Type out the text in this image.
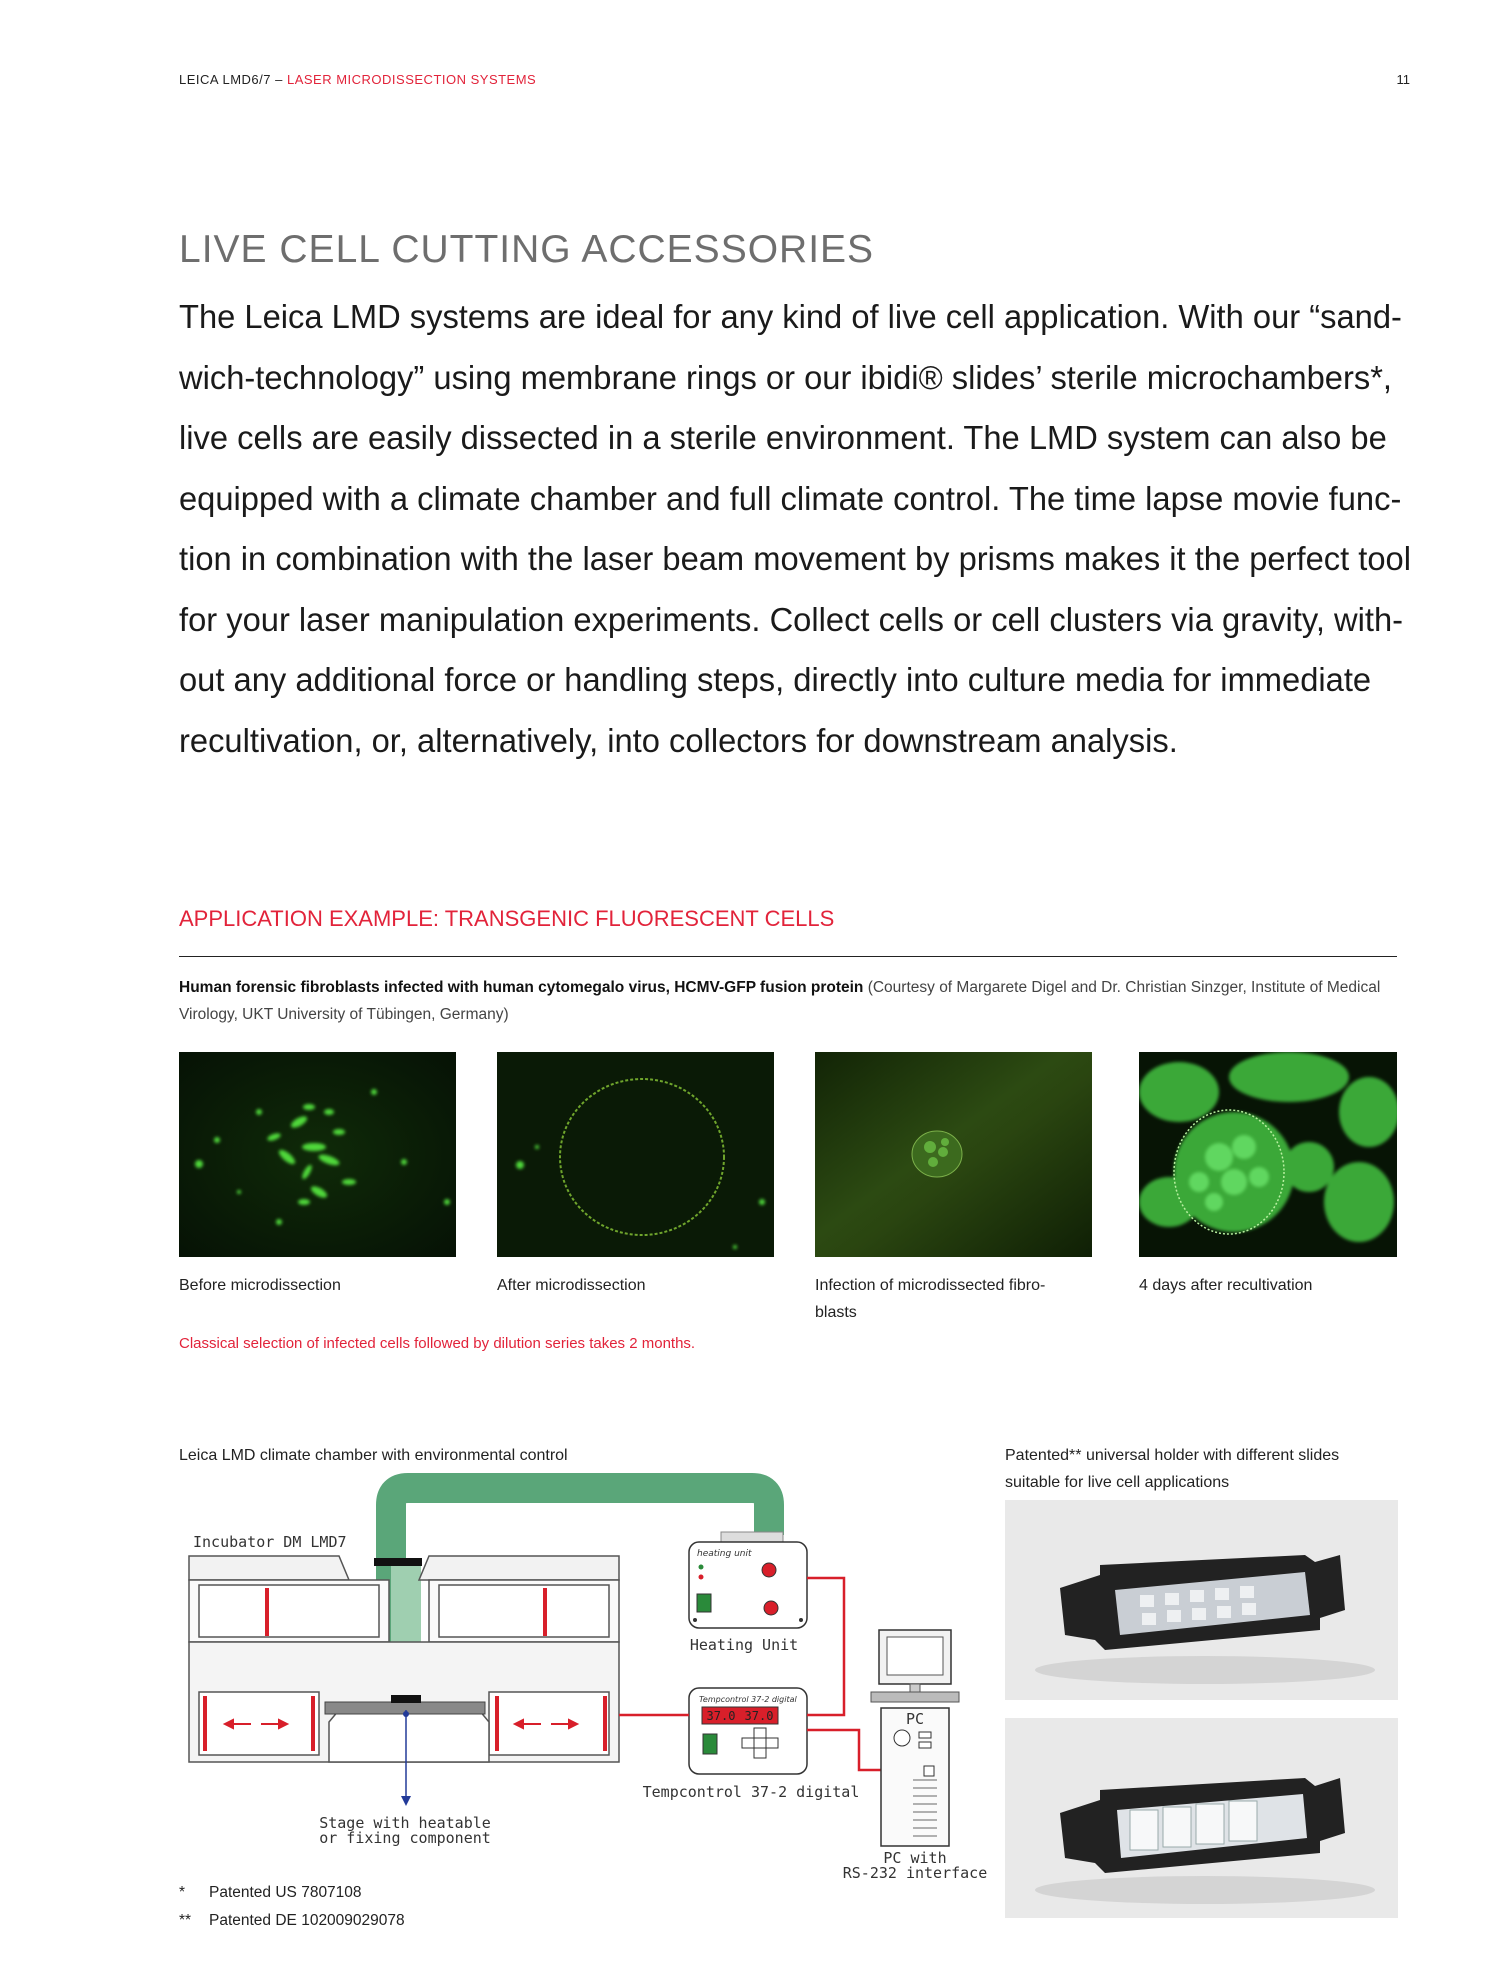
LEICA LMD6/7 – LASER MICRODISSECTION SYSTEMS	11
LIVE CELL CUTTING ACCESSORIES

The Leica LMD systems are ideal for any kind of live cell application. With our “sand-

wich-technology” using membrane rings or our ibidi® slides’ sterile microchambers*,

live cells are easily dissected in a sterile environment. The LMD system can also be

equipped with a climate chamber and full climate control. The time lapse movie func-

tion in combination with the laser beam movement by prisms makes it the perfect tool

for your laser manipulation experiments. Collect cells or cell clusters via gravity, with-

out any additional force or handling steps, directly into culture media for immediate

recultivation, or, alternatively, into collectors for downstream analysis.

APPLICATION EXAMPLE: TRANSGENIC FLUORESCENT CELLS
Human forensic fibroblasts infected with human cytomegalo virus, HCMV-GFP fusion protein (Courtesy of Margarete Digel and Dr. Christian Sinzger, Institute of Medical Virology, UKT University of Tübingen, Germany)
Before microdissection	After microdissection	Infection of microdissected fibro-blasts
4 days after recultivation
Classical selection of infected cells followed by dilution series takes 2 months.
Leica LMD climate chamber with environmental control
Incubator DM LMD7
Stage with heatable
or fixing component
heating unit
Heating Unit
Tempcontrol 37-2 digital
37.0 37.0
Tempcontrol 37-2 digital
PC
PC with
RS-232 interface
Patented** universal holder with different slides
suitable for live cell applications
* Patented US 7807108
** Patented DE 102009029078
